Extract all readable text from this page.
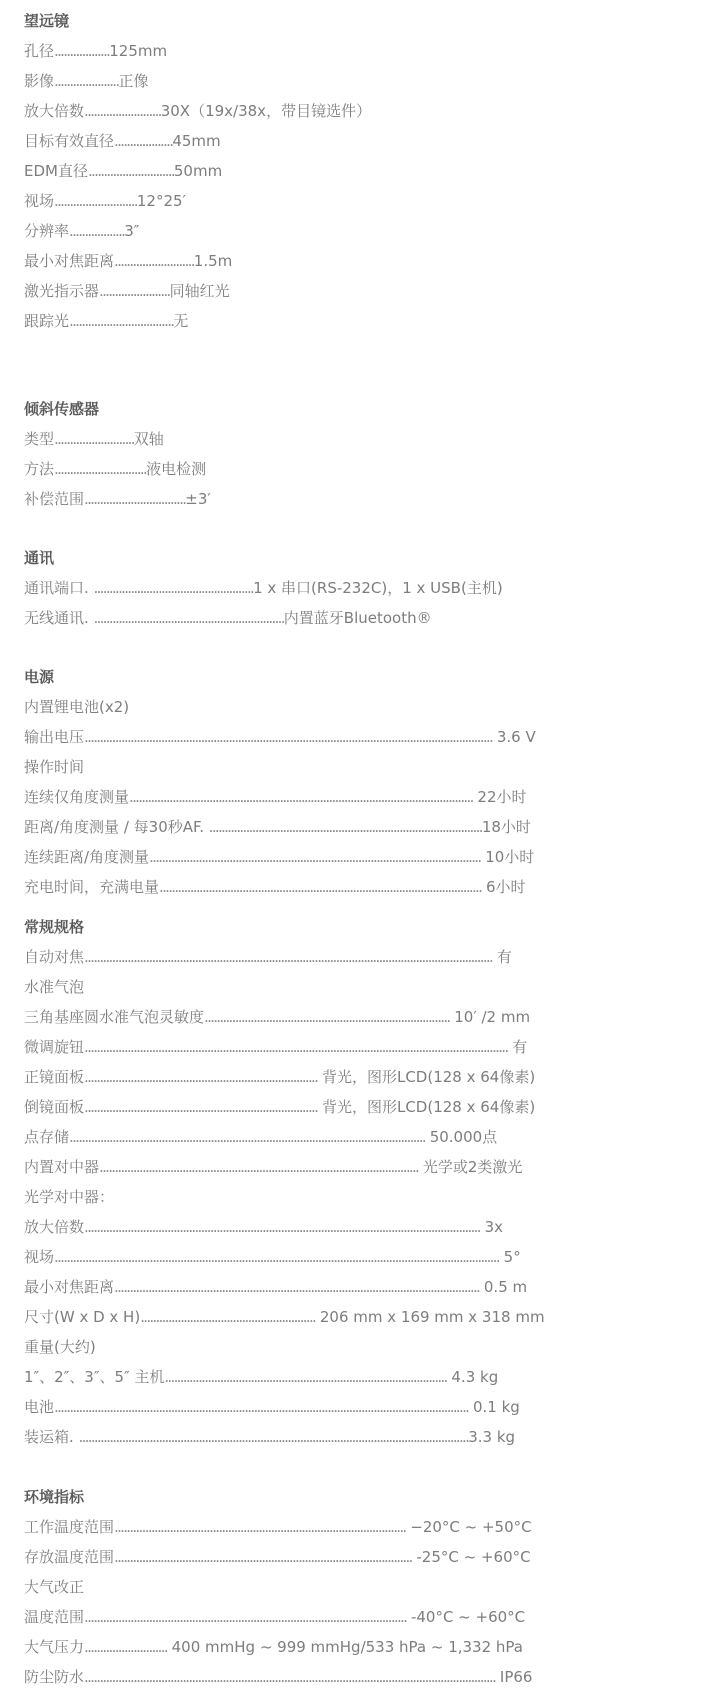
望远镜

孔径..................125mm

影像.....................正像

放大倍数.........................30X（19x/38x，带目镜选件）

目标有效直径...................45mm

EDM直径............................50mm

视场...........................12°25′

分辨率..................3″

最小对焦距离..........................1.5m

激光指示器.......................同轴红光

跟踪光..................................无

倾斜传感器

类型..........................双轴

方法..............................液电检测

补偿范围.................................±3′

通讯

通讯端口. ....................................................1 x 串口(RS-232C)，1 x USB(主机)

无线通讯. ..............................................................内置蓝牙Bluetooth®

电源

内置锂电池(x2)

输出电压..................................................................................................................................... 3.6 V

操作时间

连续仅角度测量................................................................................................................ 22小时

距离/角度测量 / 每30秒AF. .........................................................................................18小时

连续距离/角度测量............................................................................................................ 10小时

充电时间，充满电量......................................................................................................... 6小时

常规规格

自动对焦..................................................................................................................................... 有

水准气泡

三角基座圆水准气泡灵敏度................................................................................ 10′ /2 mm

微调旋钮.......................................................................................................................................... 有

正镜面板............................................................................ 背光，图形LCD(128 x 64像素)

倒镜面板............................................................................ 背光，图形LCD(128 x 64像素)

点存储.................................................................................................................... 50.000点

内置对中器........................................................................................................ 光学或2类激光

光学对中器：

放大倍数................................................................................................................................. 3x

视场................................................................................................................................................. 5°

最小对焦距离....................................................................................................................... 0.5 m

尺寸(W x D x H)......................................................... 206 mm x 169 mm x 318 mm

重量(大约)

1″、2″、3″、5″ 主机............................................................................................ 4.3 kg

电池....................................................................................................................................... 0.1 kg

装运箱. ...............................................................................................................................3.3 kg

环境指标

工作温度范围............................................................................................... −20°C ~ +50°C

存放温度范围................................................................................................. -25°C ~ +60°C

大气改正

温度范围......................................................................................................... -40°C ~ +60°C

大气压力........................... 400 mmHg ~ 999 mmHg/533 hPa ~ 1,332 hPa

防尘防水...................................................................................................................................... IP66
